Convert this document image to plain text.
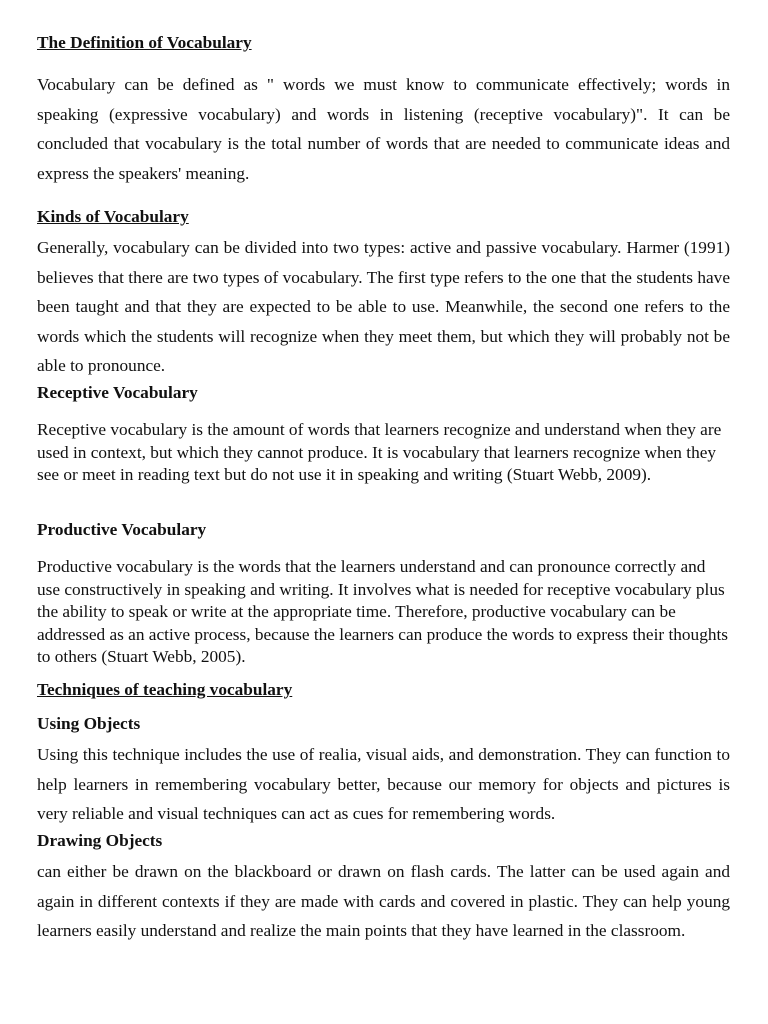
The Definition of Vocabulary

Vocabulary can be defined as " words we must know to communicate effectively; words in speaking (expressive vocabulary) and words in listening (receptive vocabulary)". It can be concluded that vocabulary is the total number of words that are needed to communicate ideas and express the speakers' meaning.

Kinds of Vocabulary

Generally, vocabulary can be divided into two types: active and passive vocabulary. Harmer (1991) believes that there are two types of vocabulary. The first type refers to the one that the students have been taught and that they are expected to be able to use. Meanwhile, the second one refers to the words which the students will recognize when they meet them, but which they will probably not be able to pronounce.

Receptive Vocabulary

Receptive vocabulary is the amount of words that learners recognize and understand when they are used in context, but which they cannot produce. It is vocabulary that learners recognize when they see or meet in reading text but do not use it in speaking and writing (Stuart Webb, 2009).

Productive Vocabulary

Productive vocabulary is the words that the learners understand and can pronounce correctly and use constructively in speaking and writing. It involves what is needed for receptive vocabulary plus the ability to speak or write at the appropriate time. Therefore, productive vocabulary can be addressed as an active process, because the learners can produce the words to express their thoughts to others (Stuart Webb, 2005).

Techniques of teaching vocabulary

Using Objects

Using this technique includes the use of realia, visual aids, and demonstration. They can function to help learners in remembering vocabulary better, because our memory for objects and pictures is very reliable and visual techniques can act as cues for remembering words.

Drawing Objects

can either be drawn on the blackboard or drawn on flash cards. The latter can be used again and again in different contexts if they are made with cards and covered in plastic. They can help young learners easily understand and realize the main points that they have learned in the classroom.
